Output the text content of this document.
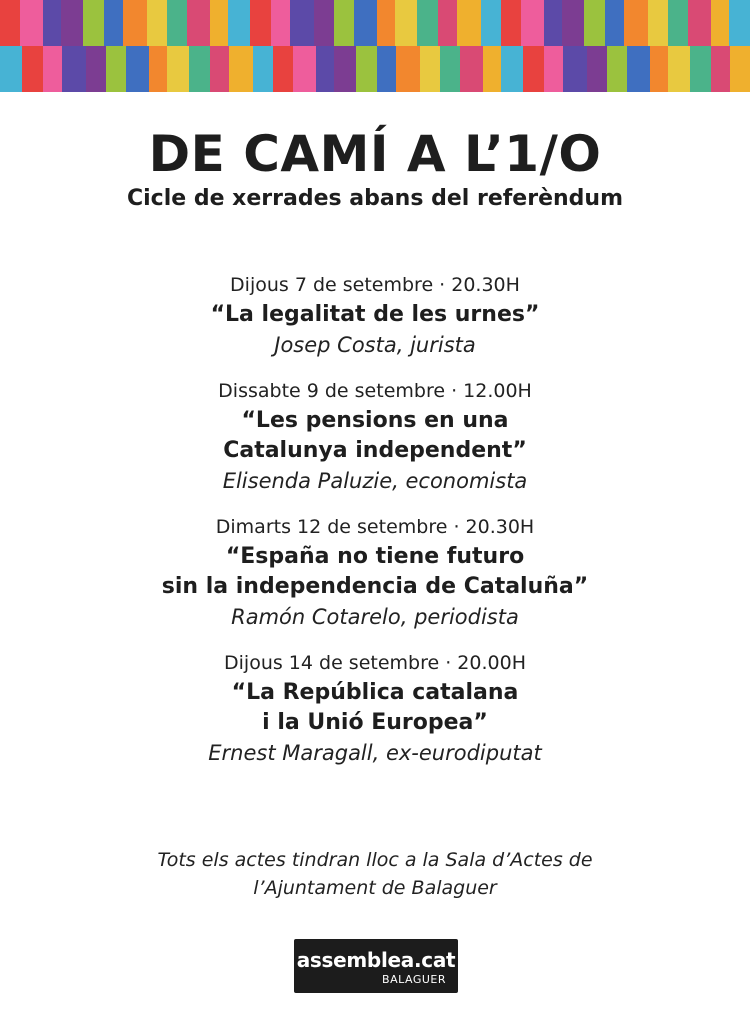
DE CAMÍ A L’1/O
Cicle de xerrades abans del referèndum
Dijous 7 de setembre · 20.30H
“La legalitat de les urnes”
Josep Costa, jurista
Dissabte 9 de setembre · 12.00H
“Les pensions en una
Catalunya independent”
Elisenda Paluzie, economista
Dimarts 12 de setembre · 20.30H
“España no tiene futuro
sin la independencia de Cataluña”
Ramón Cotarelo, periodista
Dijous 14 de setembre · 20.00H
“La República catalana
i la Unió Europea”
Ernest Maragall, ex-eurodiputat
Tots els actes tindran lloc a la Sala d’Actes de
l’Ajuntament de Balaguer
assemblea.cat
BALAGUER
